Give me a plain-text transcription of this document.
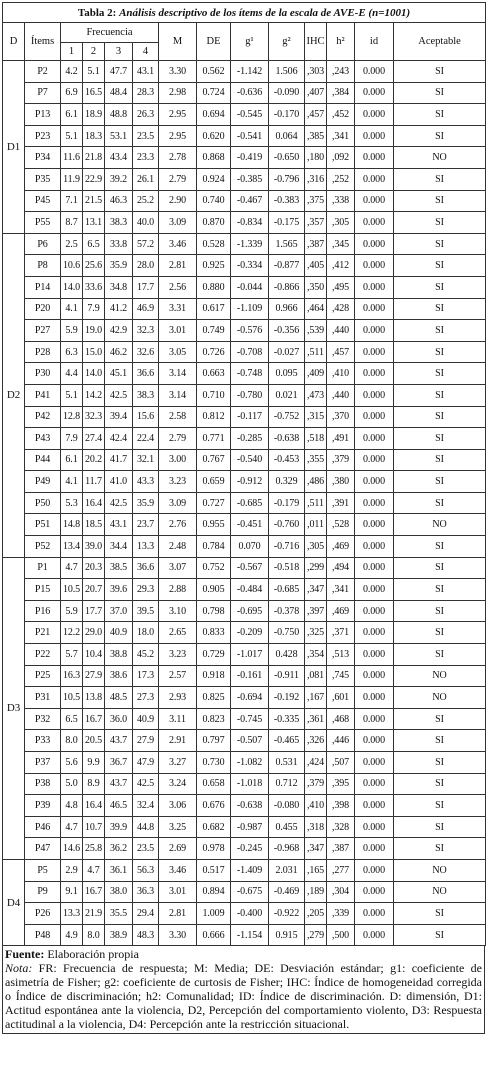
Tabla 2: Análisis descriptivo de los ítems de la escala de AVE-E (n=1001)													
D	Ítems	Frecuencia				M	DE	g¹	g²	IHC	h²	id	Aceptable
		1	2	3	4								
D1	P2	4.2	5.1	47.7	43.1	3.30	0.562	-1.142	1.506	,303	,243	0.000	SI
	P7	6.9	16.5	48.4	28.3	2.98	0.724	-0.636	-0.090	,407	,384	0.000	SI
	P13	6.1	18.9	48.8	26.3	2.95	0.694	-0.545	-0.170	,457	,452	0.000	SI
	P23	5.1	18.3	53.1	23.5	2.95	0.620	-0.541	0.064	,385	,341	0.000	SI
	P34	11.6	21.8	43.4	23.3	2.78	0.868	-0.419	-0.650	,180	,092	0.000	NO
	P35	11.9	22.9	39.2	26.1	2.79	0.924	-0.385	-0.796	,316	,252	0.000	SI
	P45	7.1	21.5	46.3	25.2	2.90	0.740	-0.467	-0.383	,375	,338	0.000	SI
	P55	8.7	13.1	38.3	40.0	3.09	0.870	-0.834	-0.175	,357	,305	0.000	SI
D2	P6	2.5	6.5	33.8	57.2	3.46	0.528	-1.339	1.565	,387	,345	0.000	SI
	P8	10.6	25.6	35.9	28.0	2.81	0.925	-0.334	-0.877	,405	,412	0.000	SI
	P14	14.0	33.6	34.8	17.7	2.56	0.880	-0.044	-0.866	,350	,495	0.000	SI
	P20	4.1	7.9	41.2	46.9	3.31	0.617	-1.109	0.966	,464	,428	0.000	SI
	P27	5.9	19.0	42.9	32.3	3.01	0.749	-0.576	-0.356	,539	,440	0.000	SI
	P28	6.3	15.0	46.2	32.6	3.05	0.726	-0.708	-0.027	,511	,457	0.000	SI
	P30	4.4	14.0	45.1	36.6	3.14	0.663	-0.748	0.095	,409	,410	0.000	SI
	P41	5.1	14.2	42.5	38.3	3.14	0.710	-0.780	0.021	,473	,440	0.000	SI
	P42	12.8	32.3	39.4	15.6	2.58	0.812	-0.117	-0.752	,315	,370	0.000	SI
	P43	7.9	27.4	42.4	22.4	2.79	0.771	-0.285	-0.638	,518	,491	0.000	SI
	P44	6.1	20.2	41.7	32.1	3.00	0.767	-0.540	-0.453	,355	,379	0.000	SI
	P49	4.1	11.7	41.0	43.3	3.23	0.659	-0.912	0.329	,486	,380	0.000	SI
	P50	5.3	16.4	42.5	35.9	3.09	0.727	-0.685	-0.179	,511	,391	0.000	SI
	P51	14.8	18.5	43.1	23.7	2.76	0.955	-0.451	-0.760	,011	,528	0.000	NO
	P52	13.4	39.0	34.4	13.3	2.48	0.784	0.070	-0.716	,305	,469	0.000	SI
D3	P1	4.7	20.3	38.5	36.6	3.07	0.752	-0.567	-0.518	,299	,494	0.000	SI
	P15	10.5	20.7	39.6	29.3	2.88	0.905	-0.484	-0.685	,347	,341	0.000	SI
	P16	5.9	17.7	37.0	39.5	3.10	0.798	-0.695	-0.378	,397	,469	0.000	SI
	P21	12.2	29.0	40.9	18.0	2.65	0.833	-0.209	-0.750	,325	,371	0.000	SI
	P22	5.7	10.4	38.8	45.2	3.23	0.729	-1.017	0.428	,354	,513	0.000	SI
	P25	16.3	27.9	38.6	17.3	2.57	0.918	-0.161	-0.911	,081	,745	0.000	NO
	P31	10.5	13.8	48.5	27.3	2.93	0.825	-0.694	-0.192	,167	,601	0.000	NO
	P32	6.5	16.7	36.0	40.9	3.11	0.823	-0.745	-0.335	,361	,468	0.000	SI
	P33	8.0	20.5	43.7	27.9	2.91	0.797	-0.507	-0.465	,326	,446	0.000	SI
	P37	5.6	9.9	36.7	47.9	3.27	0.730	-1.082	0.531	,424	,507	0.000	SI
	P38	5.0	8.9	43.7	42.5	3.24	0.658	-1.018	0.712	,379	,395	0.000	SI
	P39	4.8	16.4	46.5	32.4	3.06	0.676	-0.638	-0.080	,410	,398	0.000	SI
	P46	4.7	10.7	39.9	44.8	3.25	0.682	-0.987	0.455	,318	,328	0.000	SI
	P47	14.6	25.8	36.2	23.5	2.69	0.978	-0.245	-0.968	,347	,387	0.000	SI
D4	P5	2.9	4.7	36.1	56.3	3.46	0.517	-1.409	2.031	,165	,277	0.000	NO
	P9	9.1	16.7	38.0	36.3	3.01	0.894	-0.675	-0.469	,189	,304	0.000	NO
	P26	13.3	21.9	35.5	29.4	2.81	1.009	-0.400	-0.922	,205	,339	0.000	SI
	P48	4.9	8.0	38.9	48.3	3.30	0.666	-1.154	0.915	,279	,500	0.000	SI
Fuente: Elaboración propia
Nota: FR: Frecuencia de respuesta; M: Media; DE: Desviación estándar; g1: coeficiente de asimetría de Fisher; g2: coeficiente de curtosis de Fisher; IHC: Índice de homogeneidad corregida o Índice de discriminación; h2: Comunalidad; ID: Índice de discriminación. D: dimensión, D1: Actitud espontánea ante la violencia, D2, Percepción del comportamiento violento, D3: Respuesta actitudinal a la violencia, D4: Percepción ante la restricción situacional.
